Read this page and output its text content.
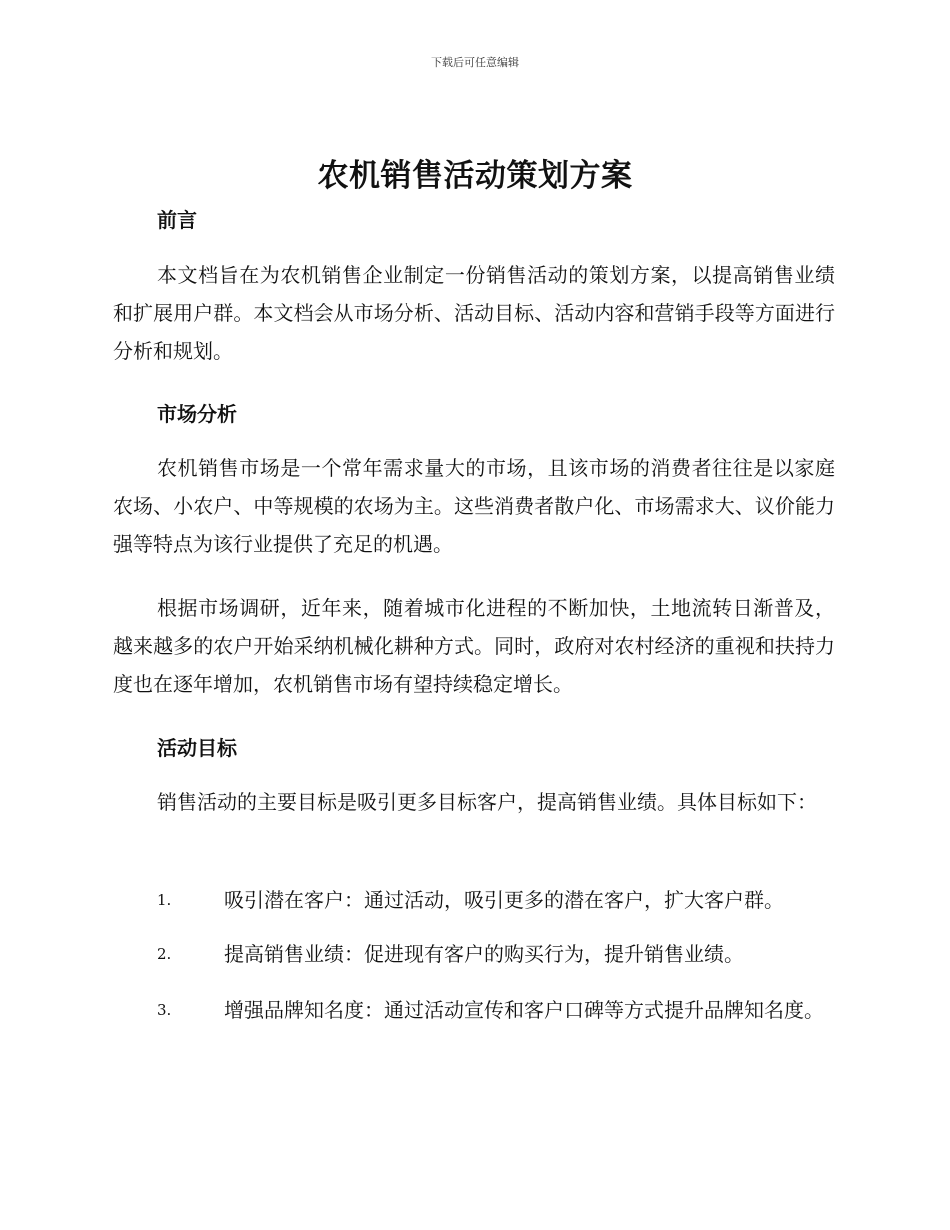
下载后可任意编辑
农机销售活动策划方案
前言
本文档旨在为农机销售企业制定一份销售活动的策划方案，以提高销售业绩和扩展用户群。本文档会从市场分析、活动目标、活动内容和营销手段等方面进行分析和规划。
市场分析
农机销售市场是一个常年需求量大的市场，且该市场的消费者往往是以家庭农场、小农户、中等规模的农场为主。这些消费者散户化、市场需求大、议价能力强等特点为该行业提供了充足的机遇。
根据市场调研，近年来，随着城市化进程的不断加快，土地流转日渐普及，越来越多的农户开始采纳机械化耕种方式。同时，政府对农村经济的重视和扶持力度也在逐年增加，农机销售市场有望持续稳定增长。
活动目标
销售活动的主要目标是吸引更多目标客户，提高销售业绩。具体目标如下：
1.	吸引潜在客户：通过活动，吸引更多的潜在客户，扩大客户群。
2.	提高销售业绩：促进现有客户的购买行为，提升销售业绩。
3.	增强品牌知名度：通过活动宣传和客户口碑等方式提升品牌知名度。
